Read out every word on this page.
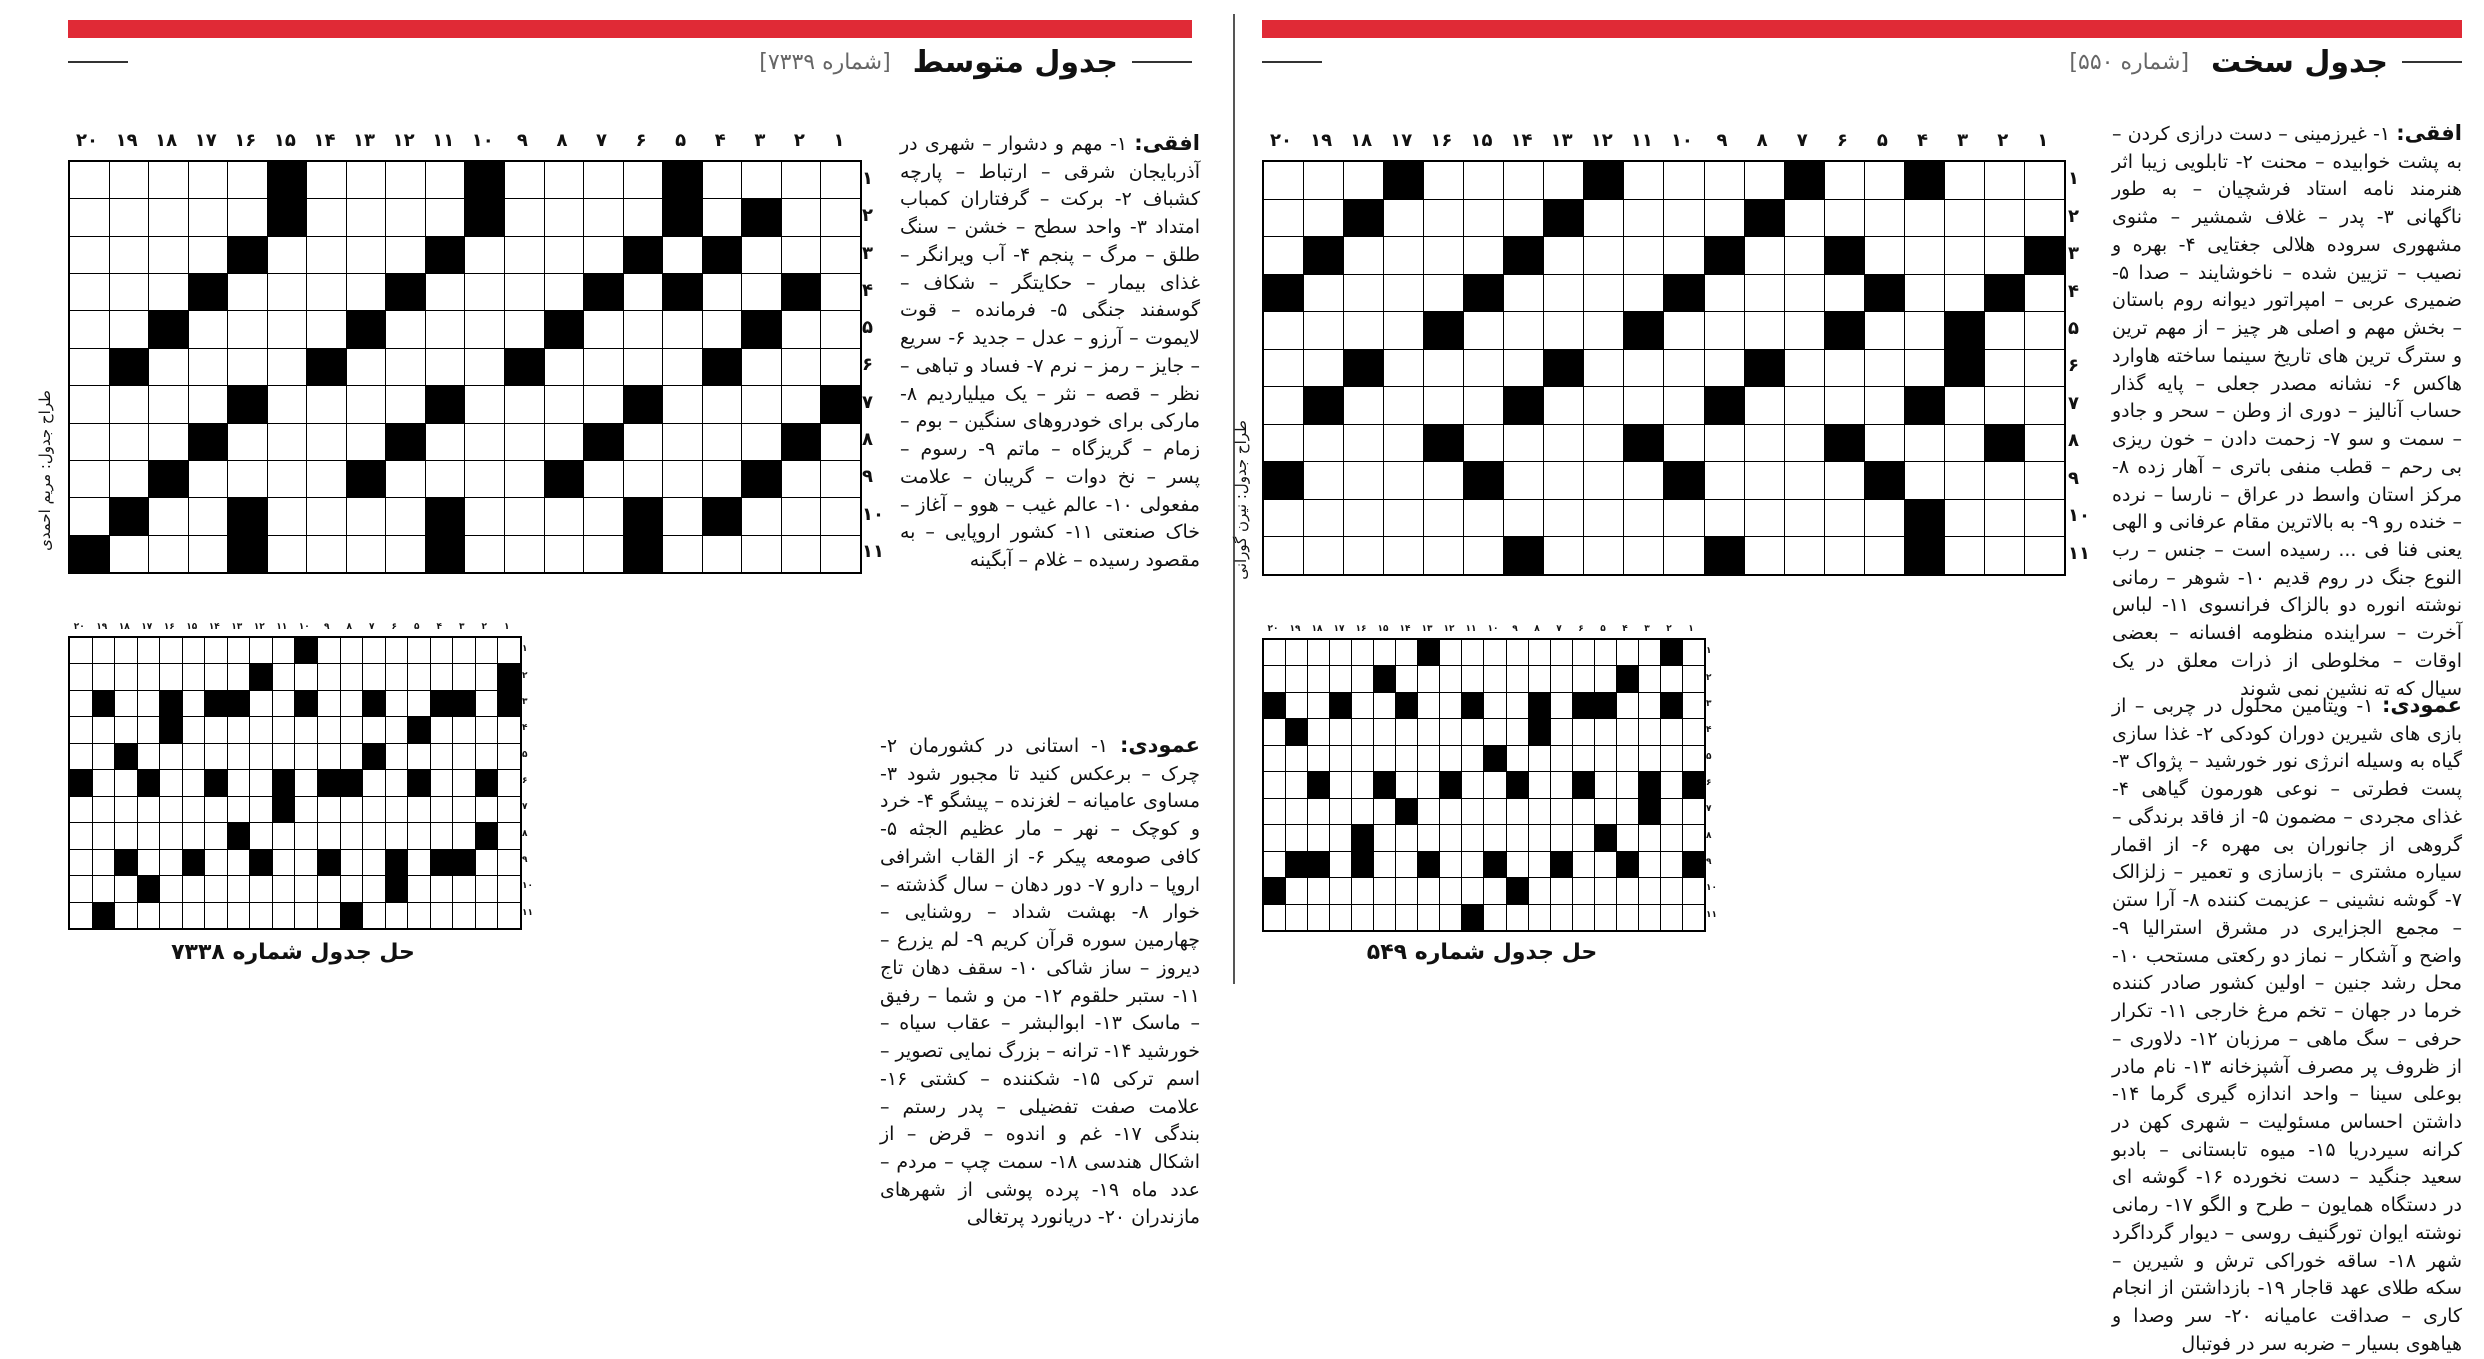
جدول متوسط
[شماره ۷۳۳۹]
۲۰ ۱۹ ۱۸ ۱۷ ۱۶ ۱۵ ۱۴ ۱۳ ۱۲ ۱۱ ۱۰	۹	۸	۷	۶	۵	۴	۳	۲	۱
۱
۲
۳
۴
۵
۶
۷
۸
۹
۱۰
۱۱
طراح جدول: مریم احمدی
افقی: ۱- مهم و دشوار – شهری در آذربایجان شرقی – ارتباط – پارچه کشباف ۲- برکت – گرفتاران کمباب امتداد ۳- واحد سطح – خشن – سنگ طلق – مرگ – پنجم ۴- آب ویرانگر – غذای بیمار – حکایتگر – شکاف – گوسفند جنگی ۵- فرمانده – قوت لایموت – آرزو – عدل – جدید ۶- سریع – جایز – رمز – نرم ۷- فساد و تباهی – نظر – قصه – نثر – یک میلیاردیم ۸- مارکی برای خودروهای سنگین – بوم – زمام – گریزگاه – ماتم ۹- رسوم – پسر – نخ دوات – گریبان – علامت مفعولی ۱۰- عالم غیب – هوو – آغاز – خاک صنعتی ۱۱- کشور اروپایی – به مقصود رسیده – غلام – آبگینه
عمودی: ۱- استانی در کشورمان ۲- چرک – برعکس کنید تا مجبور شود ۳- مساوی عامیانه – لغزنده – پیشگو ۴- خرد و کوچک – نهر – مار عظیم الجثه ۵- کافی صومعه پیکر ۶- از القاب اشرافی اروپا – دارو ۷- دور دهان – سال گذشته – خوار ۸- بهشت شداد – روشنایی – چهارمین سوره قرآن کریم ۹- لم یزرع – دیروز – ساز شاکی ۱۰- سقف دهان تاج ۱۱- ستبر حلقوم ۱۲- من و شما – رفیق – ماسک ۱۳- ابوالبشر – عقاب سیاه – خورشید ۱۴- ترانه – بزرگ نمایی تصویر – اسم ترکی ۱۵- شکننده – کشتی ۱۶- علامت صفت تفضیلی – پدر رستم – بندگی ۱۷- غم و اندوه – قرض – از اشکال هندسی ۱۸- سمت چپ – مردم – عدد ماه ۱۹- پرده پوشی از شهرهای مازندران ۲۰- دریانورد پرتغالی
۲۰	۱۹	۱۸	۱۷	۱۶	۱۵	۱۴	۱۳	۱۲	۱۱	۱۰	۹	۸	۷	۶	۵	۴	۳	۲	۱
۱
۲
۳
۴
۵
۶
۷
۸
۹
۱۰
۱۱
حل جدول شماره ۷۳۳۸
جدول سخت
[شماره ۵۵۰]
۲۰	۱۹	۱۸	۱۷	۱۶	۱۵	۱۴	۱۳	۱۲	۱۱	۱۰	۹	۸	۷	۶	۵	۴	۳	۲	۱
۱
۲
۳
۴
۵
۶
۷
۸
۹
۱۰
۱۱
طراح جدول: نیرن گورانی
افقی: ۱- غیرزمینی – دست درازی کردن – به پشت خوابیده – محنت ۲- تابلویی زیبا اثر هنرمند نامه استاد فرشچیان – به طور ناگهانی ۳- پدر – غلاف شمشیر – مثنوی مشهوری سروده هلالی جغتایی ۴- بهره و نصیب – تزیین شده – ناخوشایند – صدا ۵- ضمیری عربی – امپراتور دیوانه روم باستان – بخش مهم و اصلی هر چیز – از مهم ترین و سترگ ترین های تاریخ سینما ساخته هاوارد هاکس ۶- نشانه مصدر جعلی – پایه گذار حساب آنالیز – دوری از وطن – سحر و جادو – سمت و سو ۷- زحمت دادن – خون ریزی بی رحم – قطب منفی باتری – آهار زده ۸- مرکز استان واسط در عراق – نارسا – نرده – خنده رو ۹- به بالاترین مقام عرفانی و الهی یعنی فنا فی ... رسیده است – جنس – رب النوع جنگ در روم قدیم ۱۰- شوهر – رمانی نوشته انوره دو بالزاک فرانسوی ۱۱- لباس آخرت – سراینده منظومه افسانه – بعضی اوقات – مخلوطی از ذرات معلق در یک سیال که ته نشین نمی شوند
عمودی: ۱- ویتامین محلول در چربی – از بازی های شیرین دوران کودکی ۲- غذا سازی گیاه به وسیله انرژی نور خورشید – پژواک ۳- پست فطرتی – نوعی هورمون گیاهی ۴- غذای مجردی – مضمون ۵- از فاقد برندگی – گروهی از جانوران بی مهره ۶- از اقمار سیاره مشتری – بازسازی و تعمیر – زلزالک ۷- گوشه نشینی – عزیمت کننده ۸- آرا ستن – مجمع الجزایری در مشرق استرالیا ۹- واضح و آشکار – نماز دو رکعتی مستحب ۱۰- محل رشد جنین – اولین کشور صادر کننده خرما در جهان – تخم مرغ خارجی ۱۱- تکرار حرفی – سگ ماهی – مرزبان ۱۲- دلاوری – از ظروف پر مصرف آشپزخانه ۱۳- نام مادر بوعلی سینا – واحد اندازه گیری گرما ۱۴- داشتن احساس مسئولیت – شهری کهن در کرانه سیردریا ۱۵- میوه تابستانی – بادبو سعید جنگید – دست نخورده ۱۶- گوشه ای در دستگاه همایون – طرح و الگو ۱۷- رمانی نوشته ایوان تورگنیف روسی – دیوار گرداگرد شهر ۱۸- ساقه خوراکی ترش و شیرین – سکه طلای عهد قاجار ۱۹- بازداشتن از انجام کاری – صداقت عامیانه ۲۰- سر وصدا و هیاهوی بسیار – ضربه سر در فوتبال
۲۰	۱۹	۱۸	۱۷	۱۶	۱۵	۱۴	۱۳	۱۲	۱۱	۱۰	۹	۸	۷	۶	۵	۴	۳	۲	۱
۱
۲
۳
۴
۵
۶
۷
۸
۹
۱۰
۱۱
حل جدول شماره ۵۴۹
